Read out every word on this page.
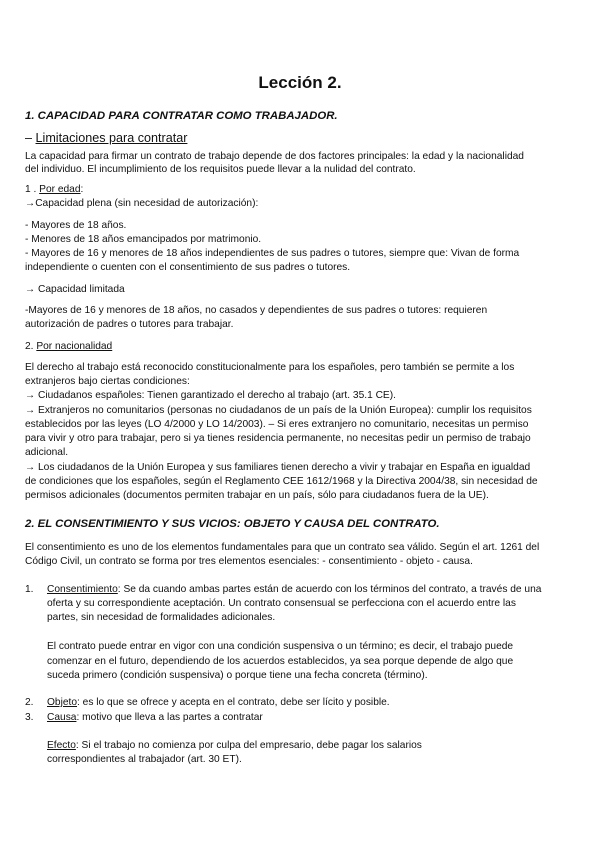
Lección 2.
1. CAPACIDAD PARA CONTRATAR COMO TRABAJADOR.
– Limitaciones para contratar
La capacidad para firmar un contrato de trabajo depende de dos factores principales: la edad y la nacionalidad
del individuo. El incumplimiento de los requisitos puede llevar a la nulidad del contrato.
1 . Por edad:
→Capacidad plena (sin necesidad de autorización):
- Mayores de 18 años.
- Menores de 18 años emancipados por matrimonio.
- Mayores de 16 y menores de 18 años independientes de sus padres o tutores, siempre que: Vivan de forma
independiente o cuenten con el consentimiento de sus padres o tutores.
→ Capacidad limitada
-Mayores de 16 y menores de 18 años, no casados y dependientes de sus padres o tutores: requieren
autorización de padres o tutores para trabajar.
2. Por nacionalidad
El derecho al trabajo está reconocido constitucionalmente para los españoles, pero también se permite a los
extranjeros bajo ciertas condiciones:
→ Ciudadanos españoles: Tienen garantizado el derecho al trabajo (art. 35.1 CE).
→ Extranjeros no comunitarios (personas no ciudadanos de un país de la Unión Europea): cumplir los requisitos
establecidos por las leyes (LO 4/2000 y LO 14/2003). – Si eres extranjero no comunitario, necesitas un permiso
para vivir y otro para trabajar, pero si ya tienes residencia permanente, no necesitas pedir un permiso de trabajo
adicional.
→ Los ciudadanos de la Unión Europea y sus familiares tienen derecho a vivir y trabajar en España en igualdad
de condiciones que los españoles, según el Reglamento CEE 1612/1968 y la Directiva 2004/38, sin necesidad de
permisos adicionales (documentos permiten trabajar en un país, sólo para ciudadanos fuera de la UE).
2. EL CONSENTIMIENTO Y SUS VICIOS: OBJETO Y CAUSA DEL CONTRATO.
El consentimiento es uno de los elementos fundamentales para que un contrato sea válido. Según el art. 1261 del
Código Civil, un contrato se forma por tres elementos esenciales: - consentimiento - objeto - causa.
1. Consentimiento: Se da cuando ambas partes están de acuerdo con los términos del contrato, a través de una
oferta y su correspondiente aceptación. Un contrato consensual se perfecciona con el acuerdo entre las
partes, sin necesidad de formalidades adicionales.
El contrato puede entrar en vigor con una condición suspensiva o un término; es decir, el trabajo puede
comenzar en el futuro, dependiendo de los acuerdos establecidos, ya sea porque depende de algo que
suceda primero (condición suspensiva) o porque tiene una fecha concreta (término).
2. Objeto: es lo que se ofrece y acepta en el contrato, debe ser lícito y posible.
3. Causa: motivo que lleva a las partes a contratar
Efecto: Si el trabajo no comienza por culpa del empresario, debe pagar los salarios
correspondientes al trabajador (art. 30 ET).
